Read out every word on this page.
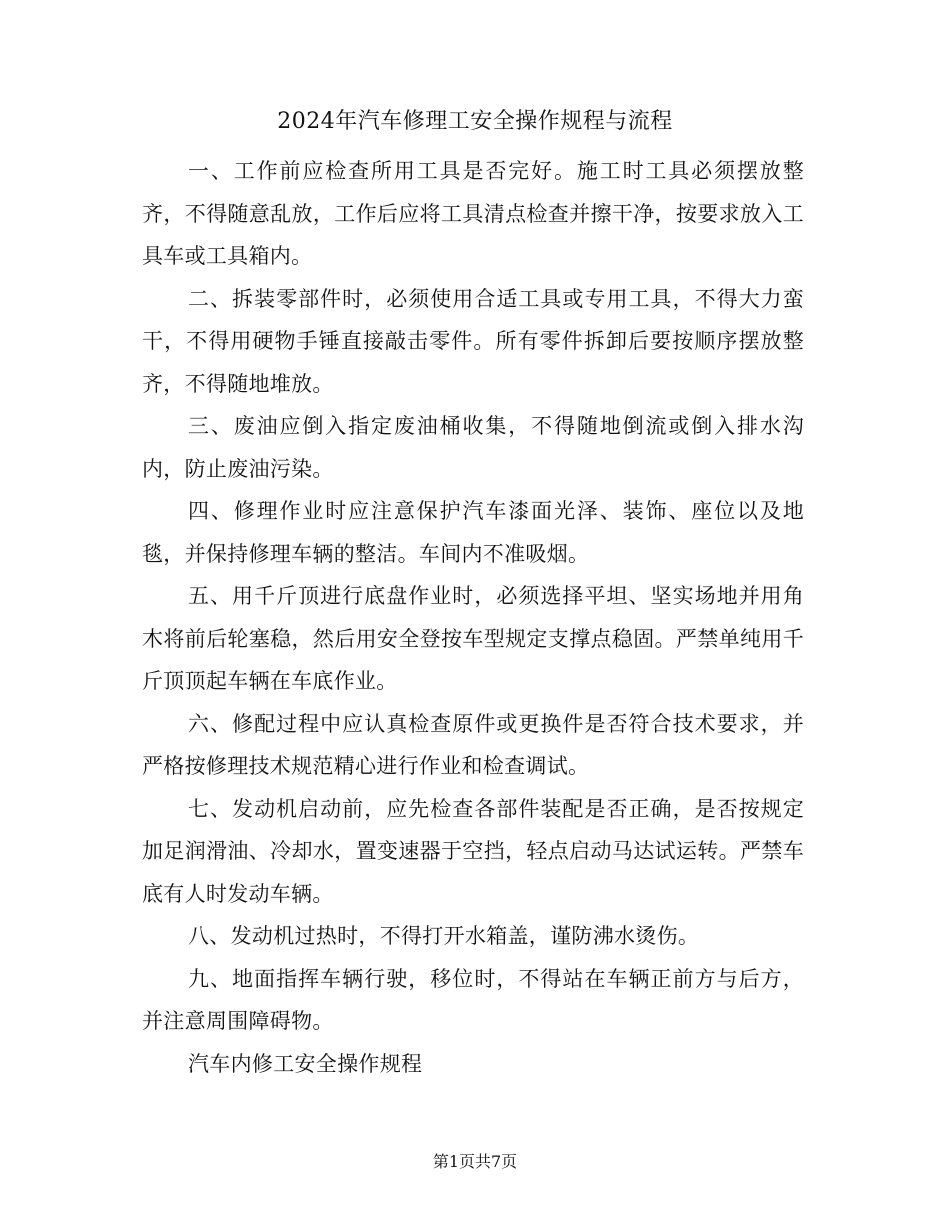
2024年汽车修理工安全操作规程与流程

一、工作前应检查所用工具是否完好。施工时工具必须摆放整齐，不得随意乱放，工作后应将工具清点检查并擦干净，按要求放入工具车或工具箱内。

二、拆装零部件时，必须使用合适工具或专用工具，不得大力蛮干，不得用硬物手锤直接敲击零件。所有零件拆卸后要按顺序摆放整齐，不得随地堆放。

三、废油应倒入指定废油桶收集，不得随地倒流或倒入排水沟内，防止废油污染。

四、修理作业时应注意保护汽车漆面光泽、装饰、座位以及地毯，并保持修理车辆的整洁。车间内不准吸烟。

五、用千斤顶进行底盘作业时，必须选择平坦、坚实场地并用角木将前后轮塞稳，然后用安全登按车型规定支撑点稳固。严禁单纯用千斤顶顶起车辆在车底作业。

六、修配过程中应认真检查原件或更换件是否符合技术要求，并严格按修理技术规范精心进行作业和检查调试。

七、发动机启动前，应先检查各部件装配是否正确，是否按规定加足润滑油、冷却水，置变速器于空挡，轻点启动马达试运转。严禁车底有人时发动车辆。

八、发动机过热时，不得打开水箱盖，谨防沸水烫伤。

九、地面指挥车辆行驶，移位时，不得站在车辆正前方与后方，并注意周围障碍物。

汽车内修工安全操作规程

第1页共7页
